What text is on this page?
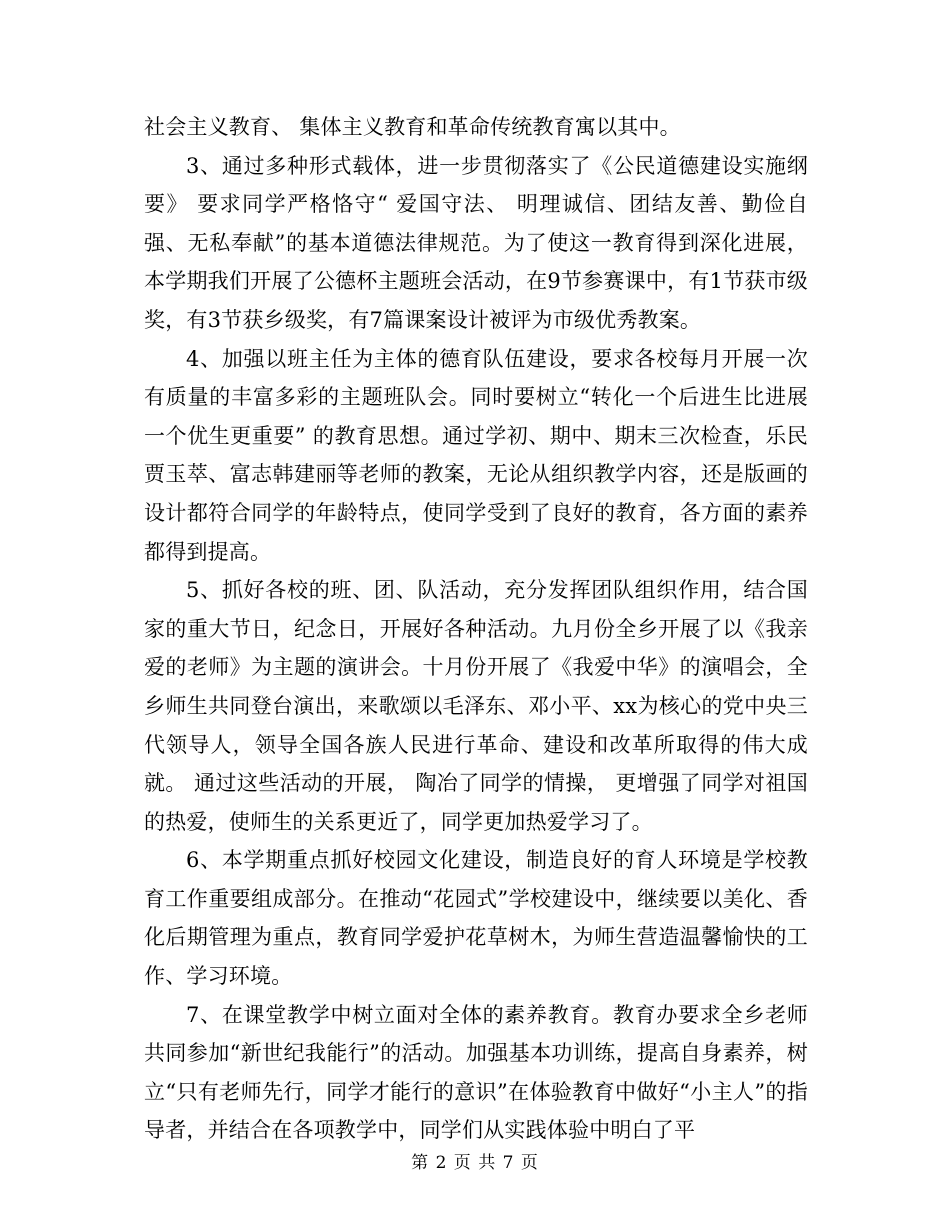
社会主义教育、 集体主义教育和革命传统教育寓以其中。

3、通过多种形式载体，进一步贯彻落实了《公民道德建设实施纲要》 要求同学严格恪守“ 爱国守法、 明理诚信、团结友善、勤俭自强、无私奉献”的基本道德法律规范。为了使这一教育得到深化进展，本学期我们开展了公德杯主题班会活动，在9节参赛课中，有1节获市级奖，有3节获乡级奖，有7篇课案设计被评为市级优秀教案。

4、加强以班主任为主体的德育队伍建设，要求各校每月开展一次有质量的丰富多彩的主题班队会。同时要树立“转化一个后进生比进展一个优生更重要” 的教育思想。通过学初、期中、期末三次检查，乐民贾玉萃、富志韩建丽等老师的教案，无论从组织教学内容，还是版画的设计都符合同学的年龄特点，使同学受到了良好的教育，各方面的素养都得到提高。

5、抓好各校的班、团、队活动，充分发挥团队组织作用，结合国家的重大节日，纪念日，开展好各种活动。九月份全乡开展了以《我亲爱的老师》为主题的演讲会。十月份开展了《我爱中华》的演唱会，全乡师生共同登台演出，来歌颂以毛泽东、邓小平、xx为核心的党中央三代领导人，领导全国各族人民进行革命、建设和改革所取得的伟大成就。 通过这些活动的开展， 陶冶了同学的情操， 更增强了同学对祖国的热爱，使师生的关系更近了，同学更加热爱学习了。

6、本学期重点抓好校园文化建设，制造良好的育人环境是学校教育工作重要组成部分。在推动“花园式”学校建设中，继续要以美化、香化后期管理为重点，教育同学爱护花草树木，为师生营造温馨愉快的工作、学习环境。

7、在课堂教学中树立面对全体的素养教育。教育办要求全乡老师共同参加“新世纪我能行”的活动。加强基本功训练，提高自身素养，树立“只有老师先行，同学才能行的意识”在体验教育中做好“小主人”的指导者，并结合在各项教学中，同学们从实践体验中明白了平

第 2 页 共 7 页
